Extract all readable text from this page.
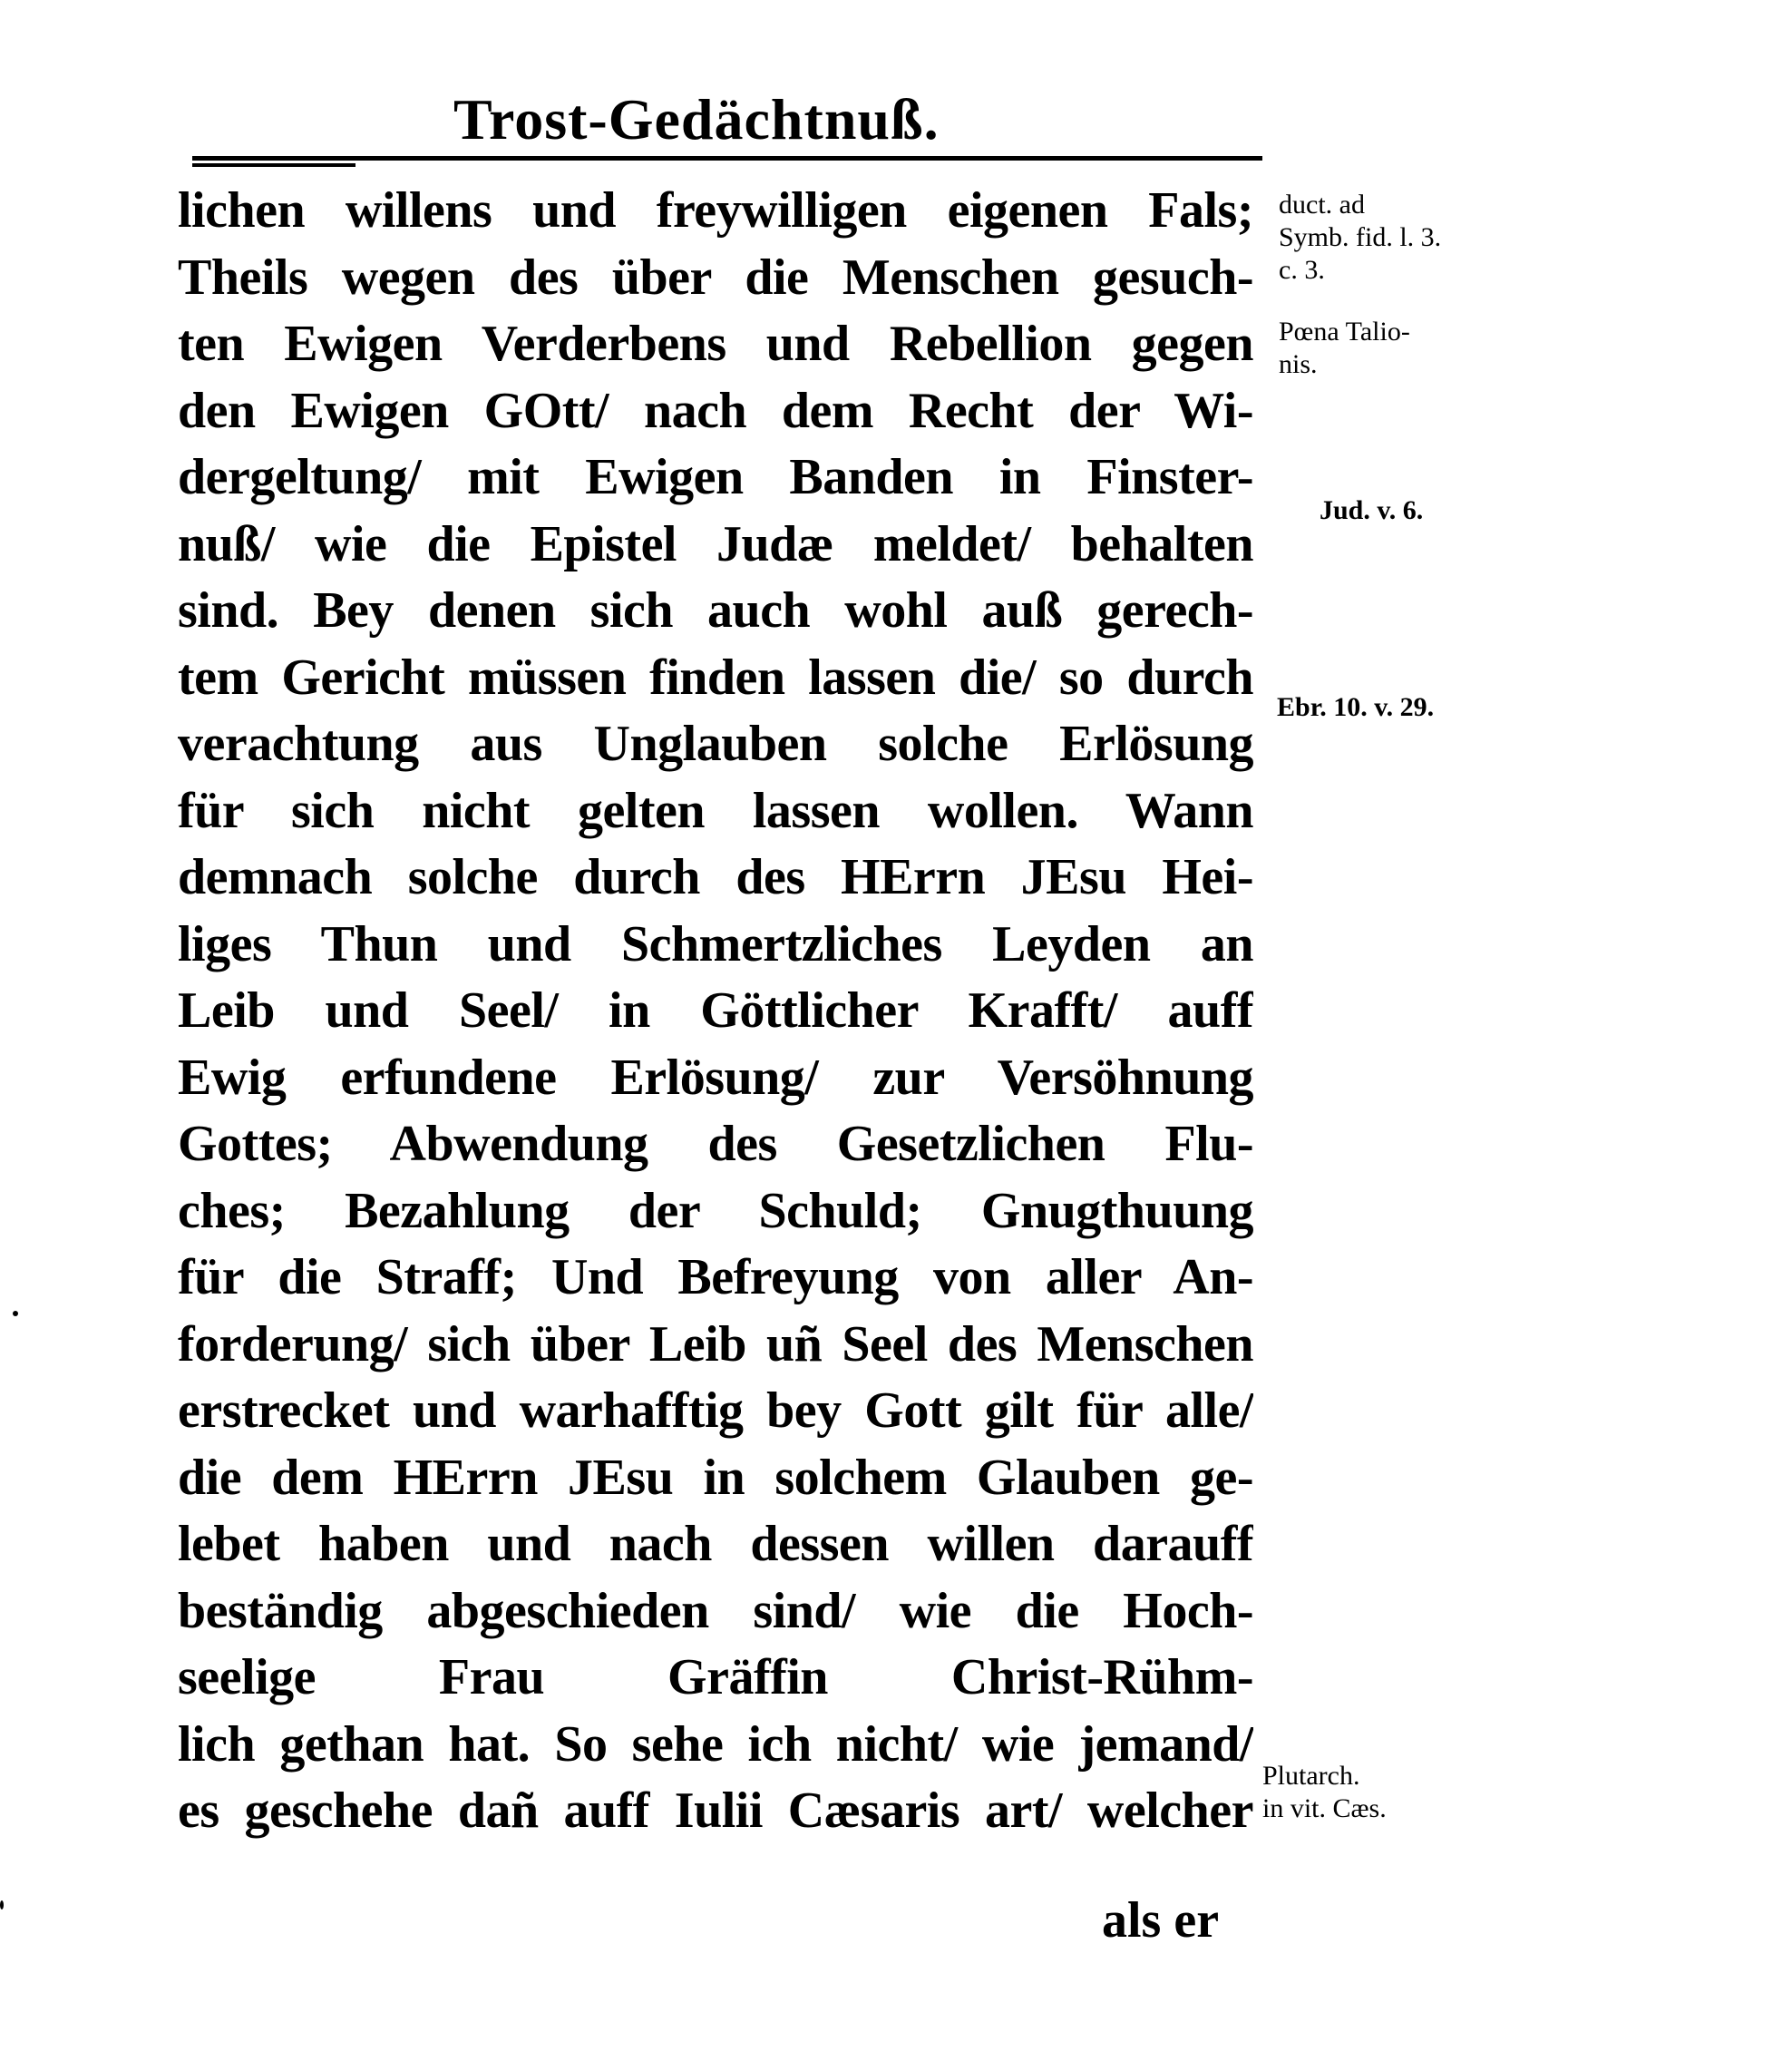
Trost-Gedächtnuß.
lichen willens und freywilligen eigenen Fals;
Theils wegen des über die Menschen gesuch-
ten Ewigen Verderbens und Rebellion gegen
den Ewigen GOtt/ nach dem Recht der Wi-
dergeltung/ mit Ewigen Banden in Finster-
nuß/ wie die Epistel Judæ meldet/ behalten
sind. Bey denen sich auch wohl auß gerech-
tem Gericht müssen finden lassen die/ so durch
verachtung aus Unglauben solche Erlösung
für sich nicht gelten lassen wollen. Wann
demnach solche durch des HErrn JEsu Hei-
liges Thun und Schmertzliches Leyden an
Leib und Seel/ in Göttlicher Krafft/ auff
Ewig erfundene Erlösung/ zur Versöhnung
Gottes; Abwendung des Gesetzlichen Flu-
ches; Bezahlung der Schuld; Gnugthuung
für die Straff; Und Befreyung von aller An-
forderung/ sich über Leib uñ Seel des Menschen
erstrecket und warhafftig bey Gott gilt für alle/
die dem HErrn JEsu in solchem Glauben ge-
lebet haben und nach dessen willen darauff
beständig abgeschieden sind/ wie die Hoch-
seelige Frau Gräffin Christ-Rühm-
lich gethan hat. So sehe ich nicht/ wie jemand/
es geschehe dañ auff Iulii Cæsaris art/ welcher
als er
duct. ad
Symb. fid. l. 3.
c. 3.
Pœna Talio-
nis.
Jud. v. 6.
Ebr. 10. v. 29.
Plutarch.
in vit. Cæs.
